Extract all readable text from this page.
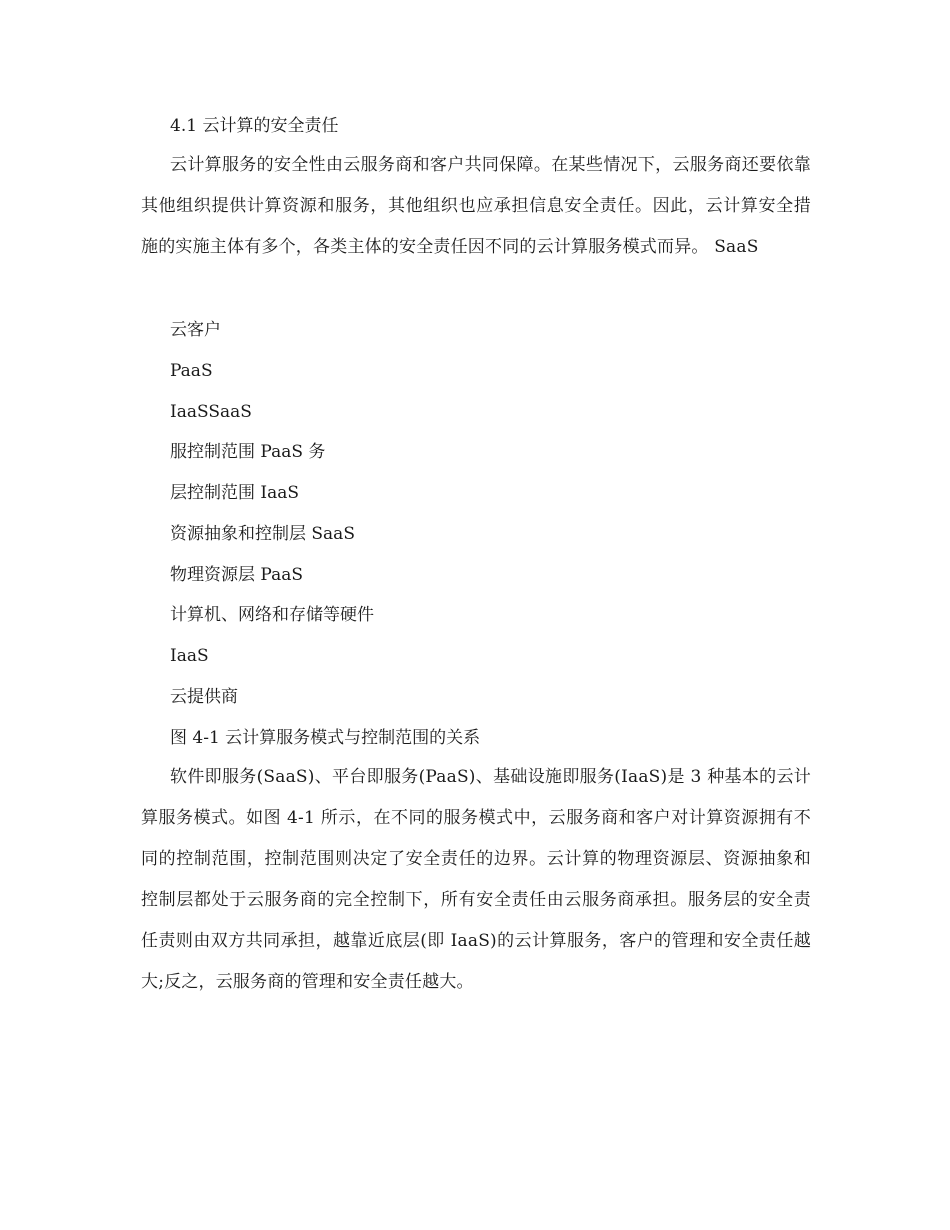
4.1 云计算的安全责任
云计算服务的安全性由云服务商和客户共同保障。在某些情况下，云服务商还要依靠其他组织提供计算资源和服务，其他组织也应承担信息安全责任。因此，云计算安全措施的实施主体有多个，各类主体的安全责任因不同的云计算服务模式而异。 SaaS
云客户
PaaS
IaaSSaaS
服控制范围 PaaS 务
层控制范围 IaaS
资源抽象和控制层 SaaS
物理资源层 PaaS
计算机、网络和存储等硬件
IaaS
云提供商
图 4-1 云计算服务模式与控制范围的关系
软件即服务(SaaS)、平台即服务(PaaS)、基础设施即服务(IaaS)是 3 种基本的云计算服务模式。如图 4-1 所示，在不同的服务模式中，云服务商和客户对计算资源拥有不同的控制范围，控制范围则决定了安全责任的边界。云计算的物理资源层、资源抽象和控制层都处于云服务商的完全控制下，所有安全责任由云服务商承担。服务层的安全责任责则由双方共同承担，越靠近底层(即 IaaS)的云计算服务，客户的管理和安全责任越大;反之，云服务商的管理和安全责任越大。
